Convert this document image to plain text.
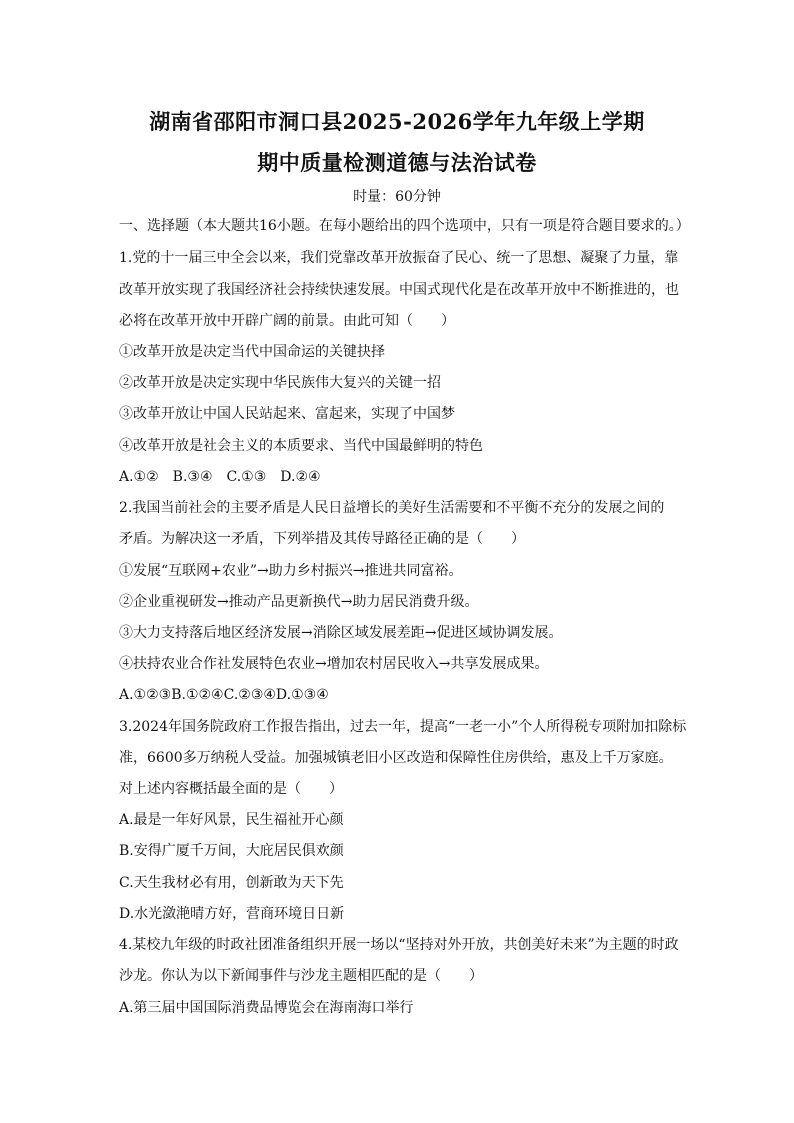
湖南省邵阳市洞口县2025-2026学年九年级上学期
期中质量检测道德与法治试卷
时量：60分钟
一、选择题（本大题共16小题。在每小题给出的四个选项中，只有一项是符合题目要求的。）
1.党的十一届三中全会以来，我们党靠改革开放振奋了民心、统一了思想、凝聚了力量，靠
改革开放实现了我国经济社会持续快速发展。中国式现代化是在改革开放中不断推进的，也
必将在改革开放中开辟广阔的前景。由此可知（　　）
①改革开放是决定当代中国命运的关键抉择
②改革开放是决定实现中华民族伟大复兴的关键一招
③改革开放让中国人民站起来、富起来，实现了中国梦
④改革开放是社会主义的本质要求、当代中国最鲜明的特色
A.①②　B.③④　C.①③　D.②④
2.我国当前社会的主要矛盾是人民日益增长的美好生活需要和不平衡不充分的发展之间的
矛盾。为解决这一矛盾，下列举措及其传导路径正确的是（　　）
①发展“互联网+农业”→助力乡村振兴→推进共同富裕。
②企业重视研发→推动产品更新换代→助力居民消费升级。
③大力支持落后地区经济发展→消除区域发展差距→促进区域协调发展。
④扶持农业合作社发展特色农业→增加农村居民收入→共享发展成果。
A.①②③B.①②④C.②③④D.①③④
3.2024年国务院政府工作报告指出，过去一年，提高“一老一小”个人所得税专项附加扣除标
准，6600多万纳税人受益。加强城镇老旧小区改造和保障性住房供给，惠及上千万家庭。
对上述内容概括最全面的是（　　）
A.最是一年好风景，民生福祉开心颜
B.安得广厦千万间，大庇居民俱欢颜
C.天生我材必有用，创新敢为天下先
D.水光潋滟晴方好，营商环境日日新
4.某校九年级的时政社团准备组织开展一场以“坚持对外开放，共创美好未来”为主题的时政
沙龙。你认为以下新闻事件与沙龙主题相匹配的是（　　）
A.第三届中国国际消费品博览会在海南海口举行
